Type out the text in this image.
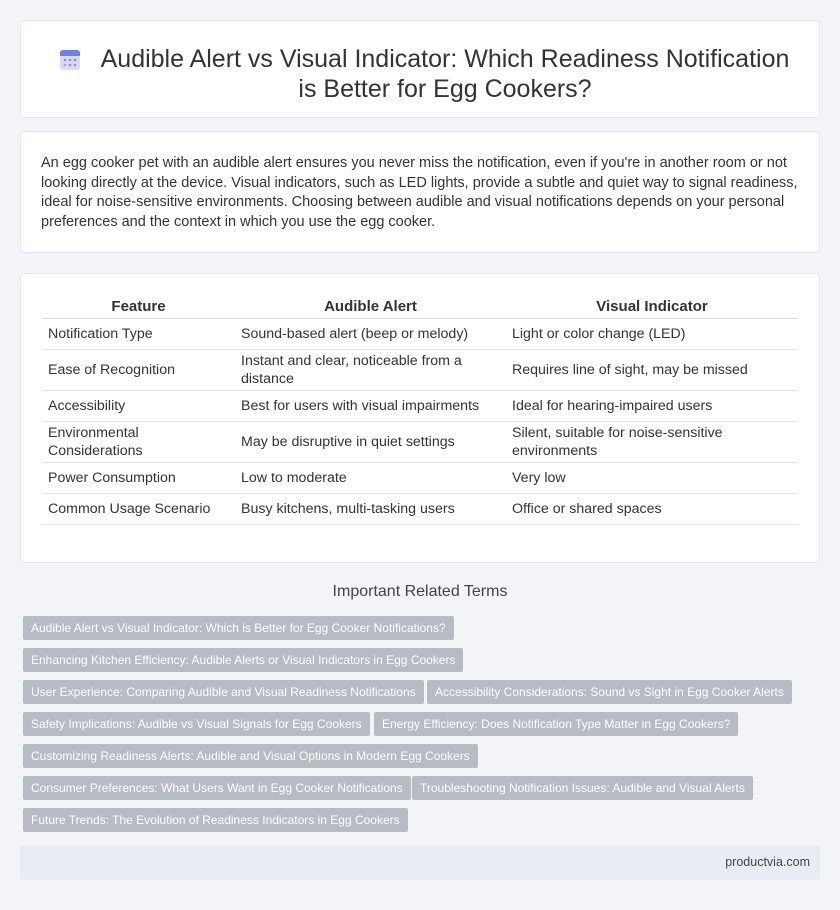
Audible Alert vs Visual Indicator: Which Readiness Notification is Better for Egg Cookers?

An egg cooker pet with an audible alert ensures you never miss the notification, even if you're in another room or not looking directly at the device. Visual indicators, such as LED lights, provide a subtle and quiet way to signal readiness, ideal for noise-sensitive environments. Choosing between audible and visual notifications depends on your personal preferences and the context in which you use the egg cooker.

Feature	Audible Alert	Visual Indicator
Notification Type	Sound-based alert (beep or melody)	Light or color change (LED)
Ease of Recognition	Instant and clear, noticeable from a distance	Requires line of sight, may be missed
Accessibility	Best for users with visual impairments	Ideal for hearing-impaired users
Environmental Considerations	May be disruptive in quiet settings	Silent, suitable for noise-sensitive environments
Power Consumption	Low to moderate	Very low
Common Usage Scenario	Busy kitchens, multi-tasking users	Office or shared spaces
Important Related Terms
Audible Alert vs Visual Indicator: Which is Better for Egg Cooker Notifications?
Enhancing Kitchen Efficiency: Audible Alerts or Visual Indicators in Egg Cookers
User Experience: Comparing Audible and Visual Readiness Notifications	Accessibility Considerations: Sound vs Sight in Egg Cooker Alerts
Safety Implications: Audible vs Visual Signals for Egg Cookers	Energy Efficiency: Does Notification Type Matter in Egg Cookers?
Customizing Readiness Alerts: Audible and Visual Options in Modern Egg Cookers
Consumer Preferences: What Users Want in Egg Cooker Notifications	Troubleshooting Notification Issues: Audible and Visual Alerts
Future Trends: The Evolution of Readiness Indicators in Egg Cookers
productvia.com
